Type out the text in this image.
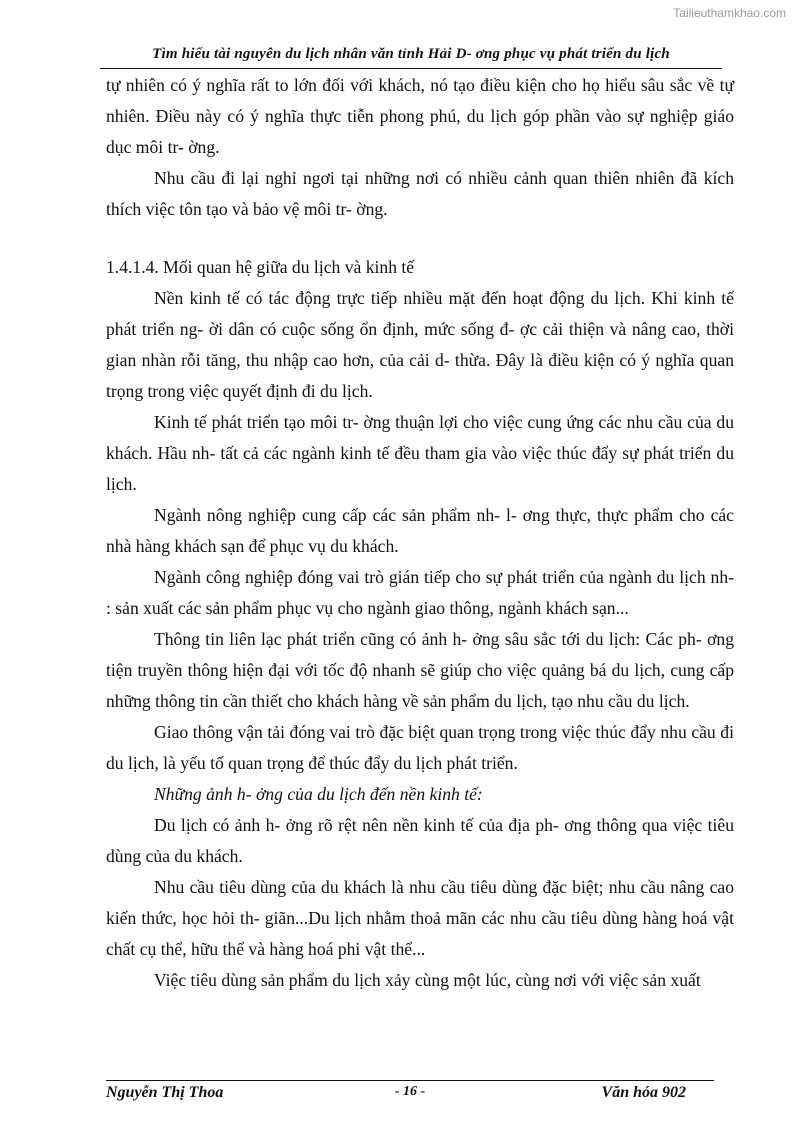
Tailieuthamkhao.com
Tìm hiểu tài nguyên du lịch nhân văn tỉnh Hải D- ơng phục vụ phát triển du lịch

tự nhiên có ý nghĩa rất to lớn đối với khách, nó tạo điều kiện cho họ hiểu sâu sắc về tự nhiên. Điều này có ý nghĩa thực tiễn phong phú, du lịch góp phần vào sự nghiệp giáo dục môi tr- ờng.

Nhu cầu đi lại nghỉ ngơi tại những nơi có nhiều cảnh quan thiên nhiên đã kích thích việc tôn tạo và bảo vệ môi tr- ờng.

1.4.1.4. Mối quan hệ giữa du lịch và kinh tế

Nền kinh tế có tác động trực tiếp nhiều mặt đến hoạt động du lịch. Khi kinh tế phát triển ng- ời dân có cuộc sống ổn định, mức sống đ- ợc cải thiện và nâng cao, thời gian nhàn rỗi tăng, thu nhập cao hơn, của cải d- thừa. Đây là điều kiện có ý nghĩa quan trọng trong việc quyết định đi du lịch.

Kinh tế phát triển tạo môi tr- ờng thuận lợi cho việc cung ứng các nhu cầu của du khách. Hầu nh- tất cả các ngành kinh tế đều tham gia vào việc thúc đẩy sự phát triển du lịch.

Ngành nông nghiệp cung cấp các sản phẩm nh- l- ơng thực, thực phẩm cho các nhà hàng khách sạn để phục vụ du khách.

Ngành công nghiệp đóng vai trò gián tiếp cho sự phát triển của ngành du lịch nh- : sản xuất các sản phẩm phục vụ cho ngành giao thông, ngành khách sạn...

Thông tin liên lạc phát triển cũng có ảnh h- ởng sâu sắc tới du lịch: Các ph- ơng tiện truyền thông hiện đại với tốc độ nhanh sẽ giúp cho việc quảng bá du lịch, cung cấp những thông tin cần thiết cho khách hàng về sản phẩm du lịch, tạo nhu cầu du lịch.

Giao thông vận tải đóng vai trò đặc biệt quan trọng trong việc thúc đẩy nhu cầu đi du lịch, là yếu tố quan trọng để thúc đẩy du lịch phát triển.

Những ảnh h- ởng của du lịch đến nền kinh tế:

Du lịch có ảnh h- ởng rõ rệt nên nền kinh tế của địa ph- ơng thông qua việc tiêu dùng của du khách.

Nhu cầu tiêu dùng của du khách là nhu cầu tiêu dùng đặc biệt; nhu cầu nâng cao kiến thức, học hỏi th- giãn...Du lịch nhằm thoả mãn các nhu cầu tiêu dùng hàng hoá vật chất cụ thể, hữu thể và hàng hoá phi vật thể...

Việc tiêu dùng sản phẩm du lịch xảy cùng một lúc, cùng nơi với việc sản xuất

Nguyễn Thị Thoa	- 16 -	Văn hóa 902
